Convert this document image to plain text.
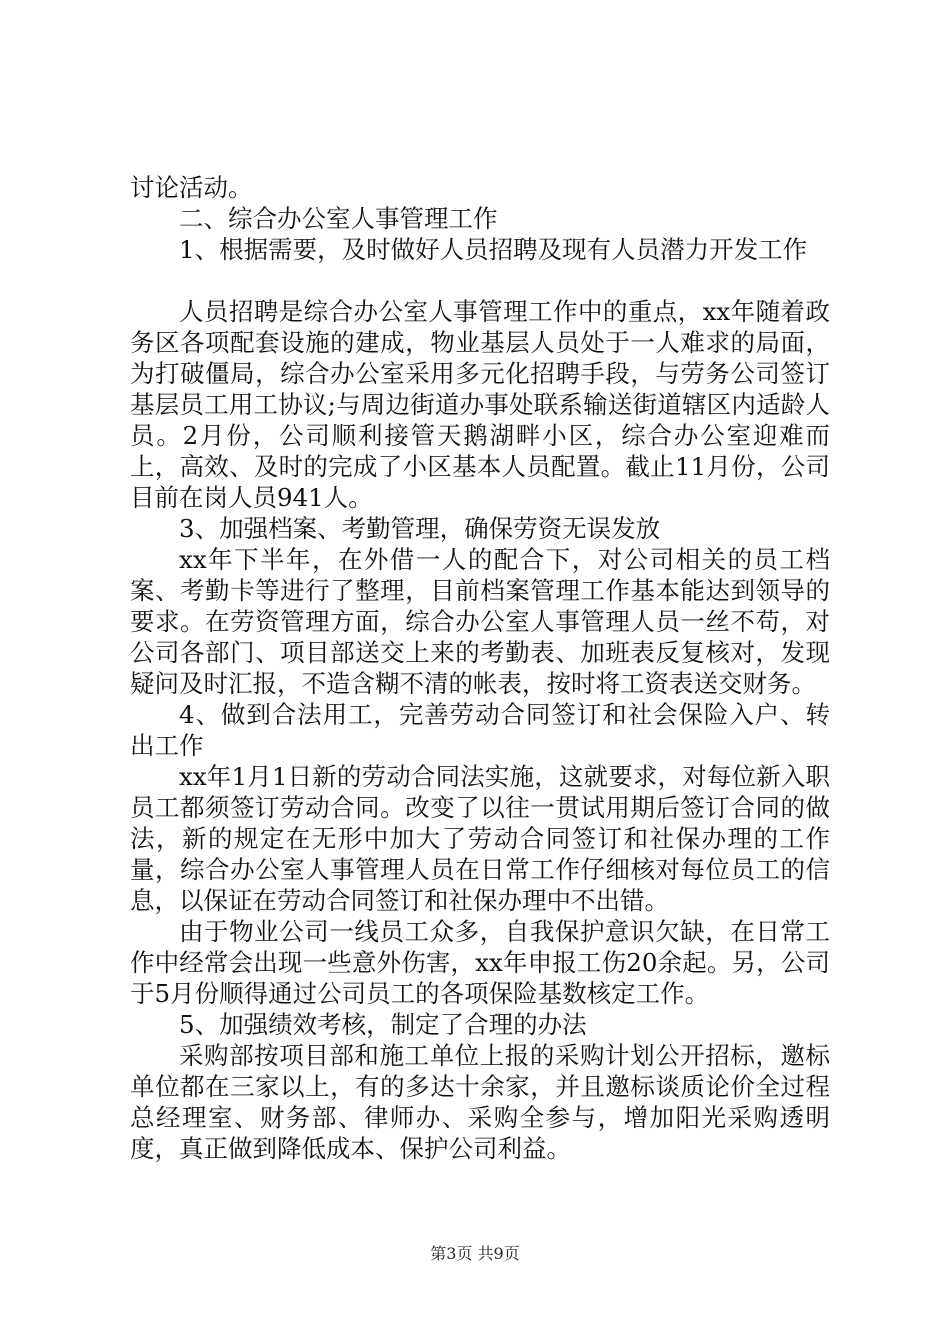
讨论活动。

二、综合办公室人事管理工作

1、根据需要，及时做好人员招聘及现有人员潜力开发工作

人员招聘是综合办公室人事管理工作中的重点，xx年随着政务区各项配套设施的建成，物业基层人员处于一人难求的局面，为打破僵局，综合办公室采用多元化招聘手段，与劳务公司签订基层员工用工协议;与周边街道办事处联系输送街道辖区内适龄人员。2月份，公司顺利接管天鹅湖畔小区，综合办公室迎难而上，高效、及时的完成了小区基本人员配置。截止11月份，公司目前在岗人员941人。

3、加强档案、考勤管理，确保劳资无误发放

xx年下半年，在外借一人的配合下，对公司相关的员工档案、考勤卡等进行了整理，目前档案管理工作基本能达到领导的要求。在劳资管理方面，综合办公室人事管理人员一丝不苟，对公司各部门、项目部送交上来的考勤表、加班表反复核对，发现疑问及时汇报，不造含糊不清的帐表，按时将工资表送交财务。

4、做到合法用工，完善劳动合同签订和社会保险入户、转出工作

xx年1月1日新的劳动合同法实施，这就要求，对每位新入职员工都须签订劳动合同。改变了以往一贯试用期后签订合同的做法，新的规定在无形中加大了劳动合同签订和社保办理的工作量，综合办公室人事管理人员在日常工作仔细核对每位员工的信息，以保证在劳动合同签订和社保办理中不出错。

由于物业公司一线员工众多，自我保护意识欠缺，在日常工作中经常会出现一些意外伤害，xx年申报工伤20余起。另，公司于5月份顺得通过公司员工的各项保险基数核定工作。

5、加强绩效考核，制定了合理的办法

采购部按项目部和施工单位上报的采购计划公开招标，邀标单位都在三家以上，有的多达十余家，并且邀标谈质论价全过程总经理室、财务部、律师办、采购全参与，增加阳光采购透明度，真正做到降低成本、保护公司利益。

第3页 共9页
